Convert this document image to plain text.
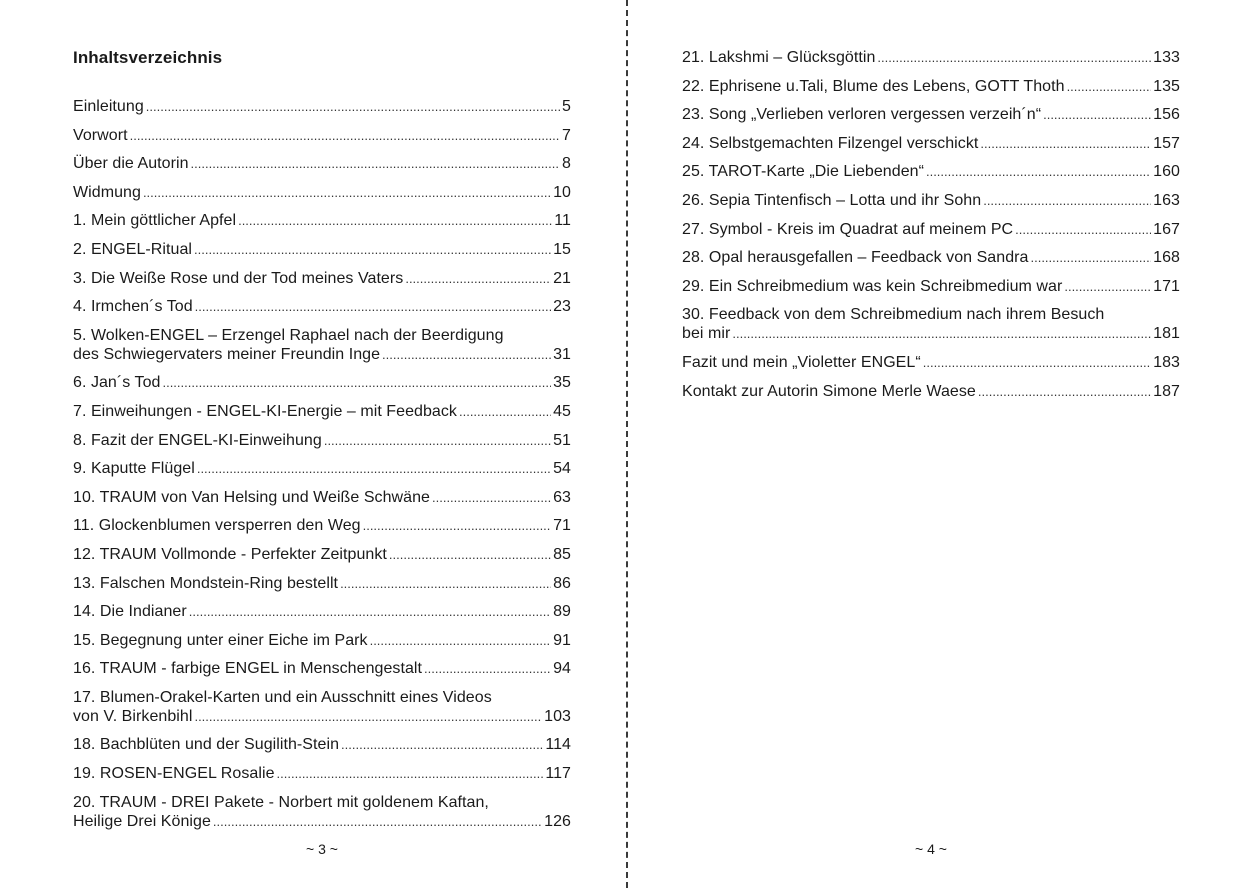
Inhaltsverzeichnis
Einleitung .....	5
Vorwort .....	7
Über die Autorin .....	8
Widmung .....	10
1. Mein göttlicher Apfel .....	11
2. ENGEL-Ritual .....	15
3. Die Weiße Rose und der Tod meines Vaters .....	21
4. Irmchen´s Tod .....	23
5. Wolken-ENGEL – Erzengel Raphael nach der Beerdigung
des Schwiegervaters meiner Freundin Inge .....	31
6. Jan´s Tod .....	35
7. Einweihungen - ENGEL-KI-Energie – mit Feedback .....	45
8. Fazit der ENGEL-KI-Einweihung .....	51
9. Kaputte Flügel .....	54
10. TRAUM von Van Helsing und Weiße Schwäne .....	63
11. Glockenblumen versperren den Weg .....	71
12. TRAUM Vollmonde - Perfekter Zeitpunkt .....	85
13. Falschen Mondstein-Ring bestellt .....	86
14. Die Indianer .....	89
15. Begegnung unter einer Eiche im Park .....	91
16. TRAUM - farbige ENGEL in Menschengestalt .....	94
17. Blumen-Orakel-Karten und ein Ausschnitt eines Videos
von V. Birkenbihl .....	103
18. Bachblüten und der Sugilith-Stein .....	114
19. ROSEN-ENGEL Rosalie .....	117
20. TRAUM - DREI Pakete - Norbert mit goldenem Kaftan,
Heilige Drei Könige .....	126
~ 3 ~
21. Lakshmi – Glücksgöttin .....	133
22. Ephrisene u.Tali, Blume des Lebens, GOTT Thoth .....	135
23. Song „Verlieben verloren vergessen verzeih´n“ .....	156
24. Selbstgemachten Filzengel verschickt .....	157
25. TAROT-Karte „Die Liebenden“ .....	160
26. Sepia Tintenfisch – Lotta und ihr Sohn .....	163
27. Symbol - Kreis im Quadrat auf meinem PC .....	167
28. Opal herausgefallen – Feedback von Sandra .....	168
29. Ein Schreibmedium was kein Schreibmedium war .....	171
30. Feedback von dem Schreibmedium nach ihrem Besuch
bei mir .....	181
Fazit und mein „Violetter ENGEL“ .....	183
Kontakt zur Autorin Simone Merle Waese .....	187
~ 4 ~
